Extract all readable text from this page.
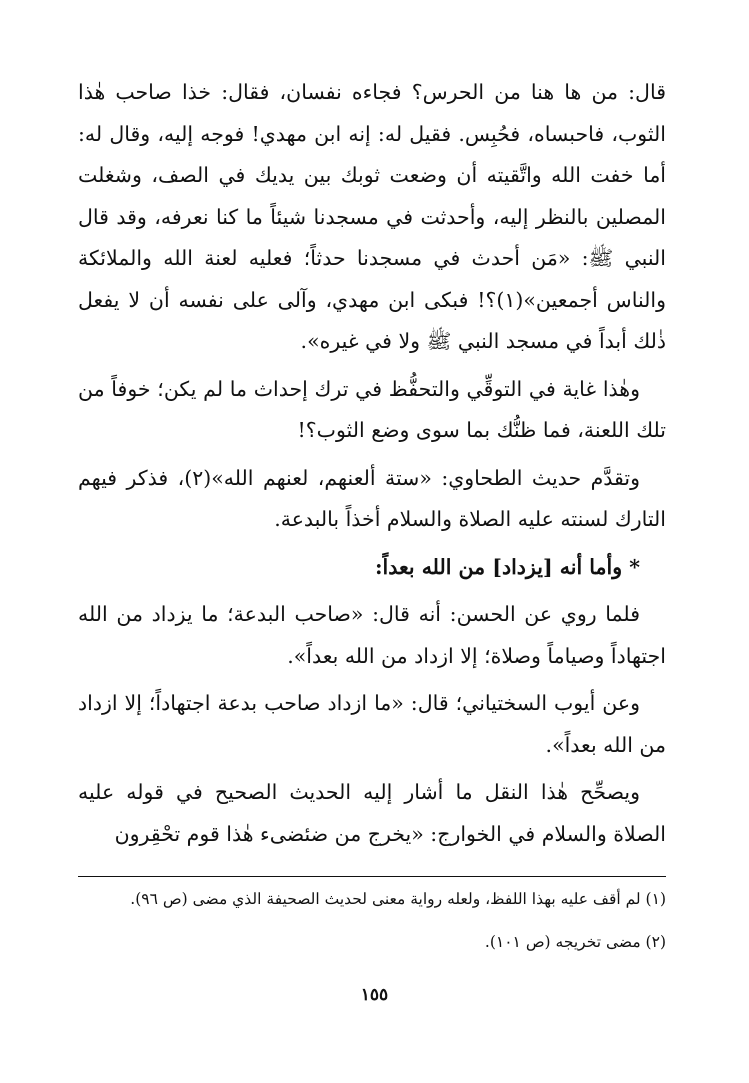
قال: من ها هنا من الحرس؟ فجاءه نفسان، فقال: خذا صاحب هٰذا الثوب، فاحبساه، فحُبِس. فقيل له: إنه ابن مهدي! فوجه إليه، وقال له: أما خفت الله واتَّقيته أن وضعت ثوبك بين يديك في الصف، وشغلت المصلين بالنظر إليه، وأحدثت في مسجدنا شيئاً ما كنا نعرفه، وقد قال النبي ﷺ: «مَن أحدث في مسجدنا حدثاً؛ فعليه لعنة الله والملائكة والناس أجمعين»(١)؟! فبكى ابن مهدي، وآلى على نفسه أن لا يفعل ذٰلك أبداً في مسجد النبي ﷺ ولا في غيره».

وهٰذا غاية في التوقِّي والتحفُّظ في ترك إحداث ما لم يكن؛ خوفاً من تلك اللعنة، فما ظنُّك بما سوى وضع الثوب؟!

وتقدَّم حديث الطحاوي: «ستة ألعنهم، لعنهم الله»(٢)، فذكر فيهم التارك لسنته عليه الصلاة والسلام أخذاً بالبدعة.

* وأما أنه [يزداد] من الله بعداً:

فلما روي عن الحسن: أنه قال: «صاحب البدعة؛ ما يزداد من الله اجتهاداً وصياماً وصلاة؛ إلا ازداد من الله بعداً».

وعن أيوب السختياني؛ قال: «ما ازداد صاحب بدعة اجتهاداً؛ إلا ازداد من الله بعداً».

ويصحِّح هٰذا النقل ما أشار إليه الحديث الصحيح في قوله عليه الصلاة والسلام في الخوارج: «يخرج من ضئضىء هٰذا قوم تحْقِرون

(١) لم أقف عليه بهذا اللفظ، ولعله رواية معنى لحديث الصحيفة الذي مضى (ص ٩٦).

(٢) مضى تخريجه (ص ١٠١).

١٥٥
